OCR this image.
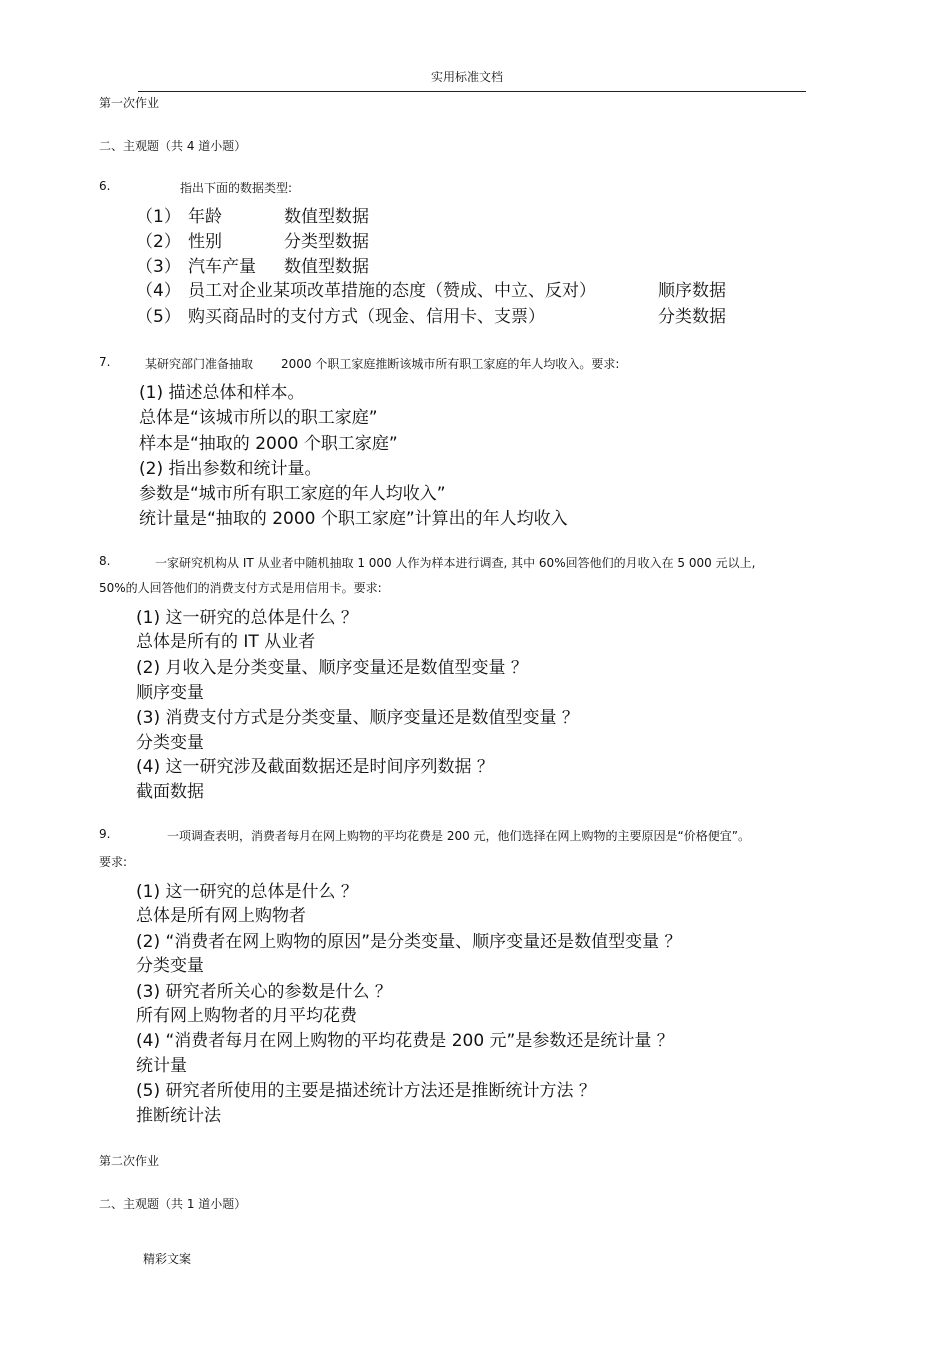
实用标准文档
第一次作业
二、主观题（共 4 道小题）
6.	指出下面的数据类型:
（1） 年龄	数值型数据
（2） 性别	分类型数据
（3） 汽车产量 数值型数据
（4） 员工对企业某项改革措施的态度（赞成、中立、反对）	顺序数据
（5） 购买商品时的支付方式（现金、信用卡、支票）	分类数据
7.	某研究部门准备抽取 2000 个职工家庭推断该城市所有职工家庭的年人均收入。要求:
(1) 描述总体和样本。
总体是“该城市所以的职工家庭”
样本是“抽取的 2000 个职工家庭”
(2) 指出参数和统计量。
参数是“城市所有职工家庭的年人均收入”
统计量是“抽取的 2000 个职工家庭”计算出的年人均收入
8.	一家研究机构从 IT 从业者中随机抽取 1 000 人作为样本进行调查, 其中 60%回答他们的月收入在 5 000 元以上,
50%的人回答他们的消费支付方式是用信用卡。要求:
(1) 这一研究的总体是什么 ？
总体是所有的 IT 从业者
(2) 月收入是分类变量、顺序变量还是数值型变量 ？
顺序变量
(3) 消费支付方式是分类变量、顺序变量还是数值型变量 ？
分类变量
(4) 这一研究涉及截面数据还是时间序列数据 ？
截面数据
9.	一项调查表明，消费者每月在网上购物的平均花费是 200 元，他们选择在网上购物的主要原因是“价格便宜”。
要求:
(1) 这一研究的总体是什么 ？
总体是所有网上购物者
(2) “消费者在网上购物的原因”是分类变量、顺序变量还是数值型变量 ？
分类变量
(3) 研究者所关心的参数是什么 ？
所有网上购物者的月平均花费
(4) “消费者每月在网上购物的平均花费是 200 元”是参数还是统计量 ？
统计量
(5) 研究者所使用的主要是描述统计方法还是推断统计方法 ？
推断统计法
第二次作业
二、主观题（共 1 道小题）
精彩文案
